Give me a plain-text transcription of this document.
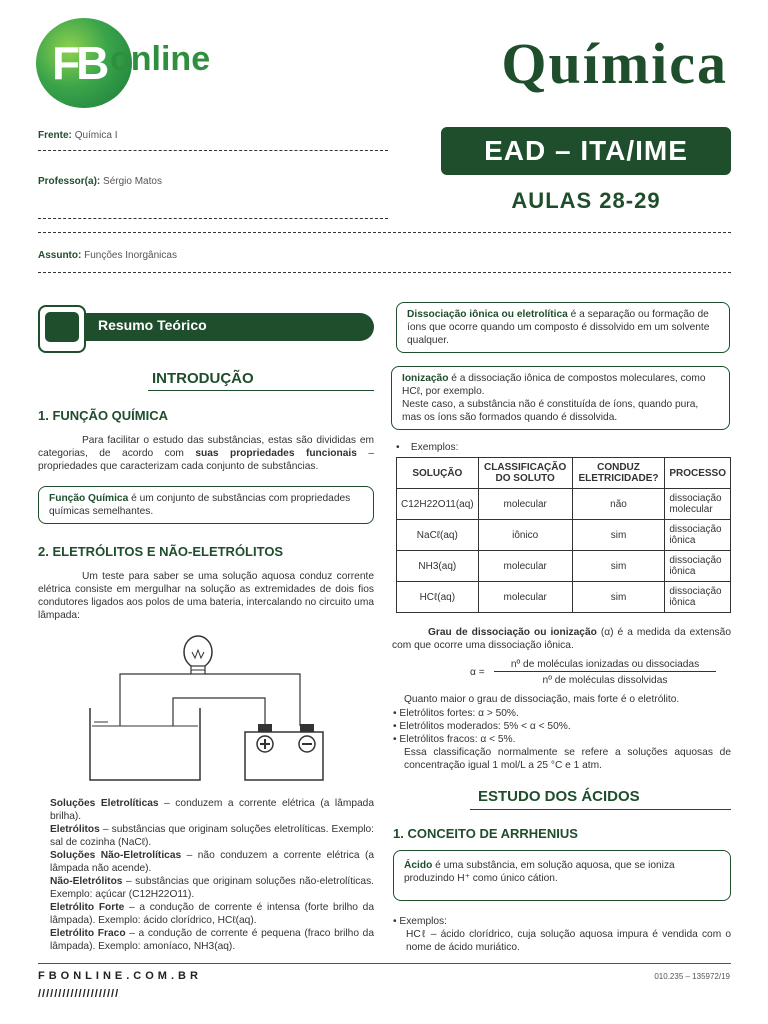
FB online	Química
Frente: Química I
Professor(a): Sérgio Matos
Assunto: Funções Inorgânicas
EAD – ITA/IME
AULAS 28-29
Resumo Teórico
INTRODUÇÃO
1. FUNÇÃO QUÍMICA
Para facilitar o estudo das substâncias, estas são divididas em categorias, de acordo com suas propriedades funcionais – propriedades que caracterizam cada conjunto de substâncias.
Função Química é um conjunto de substâncias com propriedades químicas semelhantes.
2. ELETRÓLITOS E NÃO-ELETRÓLITOS
Um teste para saber se uma solução aquosa conduz corrente elétrica consiste em mergulhar na solução as extremidades de dois fios condutores ligados aos polos de uma bateria, intercalando no circuito uma lâmpada:
Soluções Eletrolíticas – conduzem a corrente elétrica (a lâmpada brilha).
Eletrólitos – substâncias que originam soluções eletrolíticas. Exemplo: sal de cozinha (NaCℓ).
Soluções Não-Eletrolíticas – não conduzem a corrente elétrica (a lâmpada não acende).
Não-Eletrólitos – substâncias que originam soluções não-eletrolíticas. Exemplo: açúcar (C12H22O11).
Eletrólito Forte – a condução de corrente é intensa (forte brilho da lâmpada). Exemplo: ácido clorídrico, HCℓ(aq).
Eletrólito Fraco – a condução de corrente é pequena (fraco brilho da lâmpada). Exemplo: amoníaco, NH3(aq).
Dissociação iônica ou eletrolítica é a separação ou formação de íons que ocorre quando um composto é dissolvido em um solvente qualquer.
Ionização é a dissociação iônica de compostos moleculares, como HCℓ, por exemplo.
Neste caso, a substância não é constituída de íons, quando pura, mas os íons são formados quando é dissolvida.
•    Exemplos:
SOLUÇÃO	CLASSIFICAÇÃO DO SOLUTO	CONDUZ ELETRICIDADE?	PROCESSO
C12H22O11(aq)	molecular	não	dissociação molecular
NaCℓ(aq)	iônico	sim	dissociação iônica
NH3(aq)	molecular	sim	dissociação iônica
HCℓ(aq)	molecular	sim	dissociação iônica
Grau de dissociação ou ionização (α) é a medida da extensão com que ocorre uma dissociação iônica.
α =
nº de moléculas ionizadas ou dissociadas
nº de moléculas dissolvidas
Quanto maior o grau de dissociação, mais forte é o eletrólito.
• Eletrólitos fortes: α > 50%.
• Eletrólitos moderados: 5% < α < 50%.
• Eletrólitos fracos: α < 5%.
Essa classificação normalmente se refere a soluções aquosas de concentração igual 1 mol/L a 25 °C e 1 atm.
ESTUDO DOS ÁCIDOS
1. CONCEITO DE ARRHENIUS
Ácido é uma substância, em solução aquosa, que se ioniza produzindo H⁺ como único cátion.
• Exemplos:
HCℓ – ácido clorídrico, cuja solução aquosa impura é vendida com o nome de ácido muriático.
FBONLINE.COM.BR
////////////////////
010.235 – 135972/19
